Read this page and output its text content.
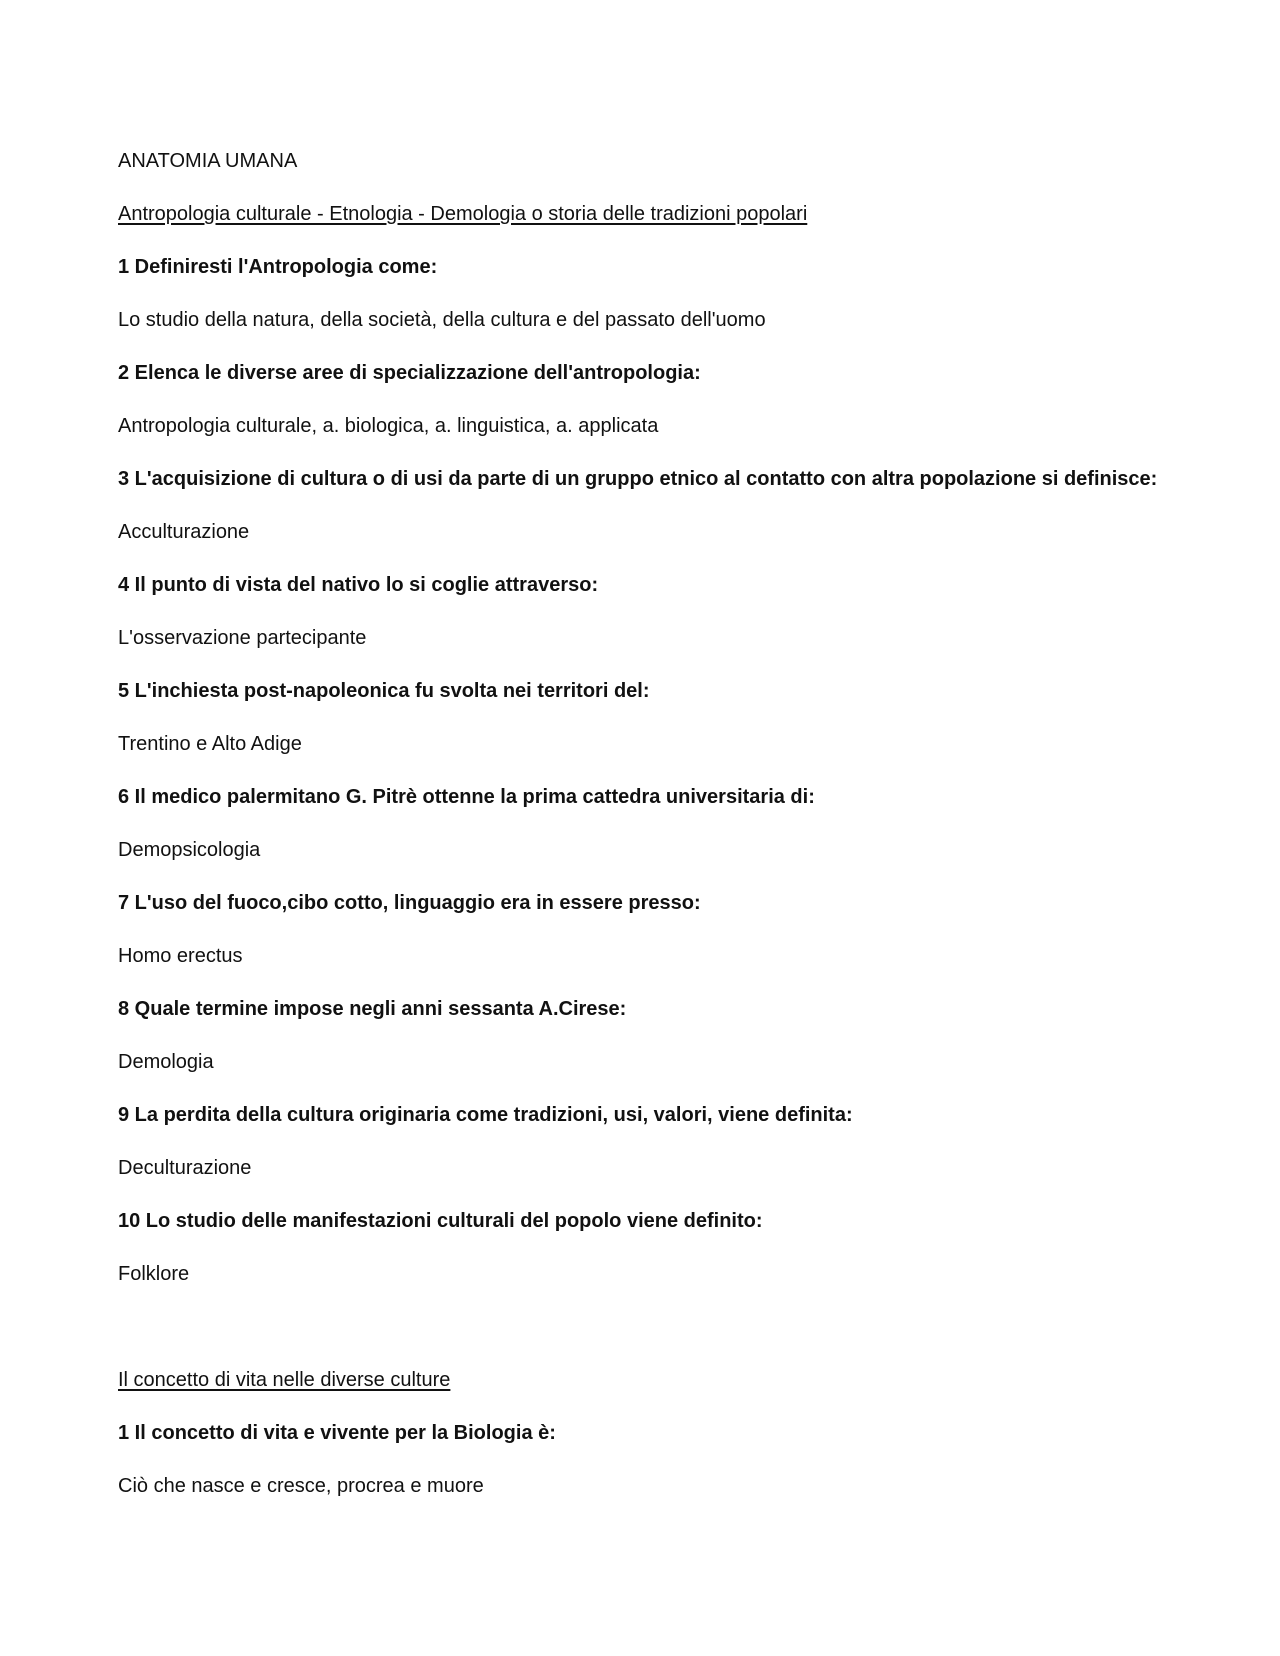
ANATOMIA UMANA
Antropologia culturale - Etnologia - Demologia o storia delle tradizioni popolari
1 Definiresti l'Antropologia come:
Lo studio della natura, della società, della cultura e del passato dell'uomo
2 Elenca le diverse aree di specializzazione dell'antropologia:
Antropologia culturale, a. biologica, a. linguistica, a. applicata
3 L'acquisizione di cultura o di usi da parte di un gruppo etnico al contatto con altra popolazione si definisce:
Acculturazione
4 Il punto di vista del nativo lo si coglie attraverso:
L'osservazione partecipante
5 L'inchiesta post-napoleonica fu svolta nei territori del:
Trentino e Alto Adige
6 Il medico palermitano G. Pitrè ottenne la prima cattedra universitaria di:
Demopsicologia
7 L'uso del fuoco,cibo cotto, linguaggio era in essere presso:
Homo erectus
8 Quale termine impose negli anni sessanta A.Cirese:
Demologia
9 La perdita della cultura originaria come tradizioni, usi, valori, viene definita:
Deculturazione
10 Lo studio delle manifestazioni culturali del popolo viene definito:
Folklore
Il concetto di vita nelle diverse culture
1 Il concetto di vita e vivente per la Biologia è:
Ciò che nasce e cresce, procrea e muore
